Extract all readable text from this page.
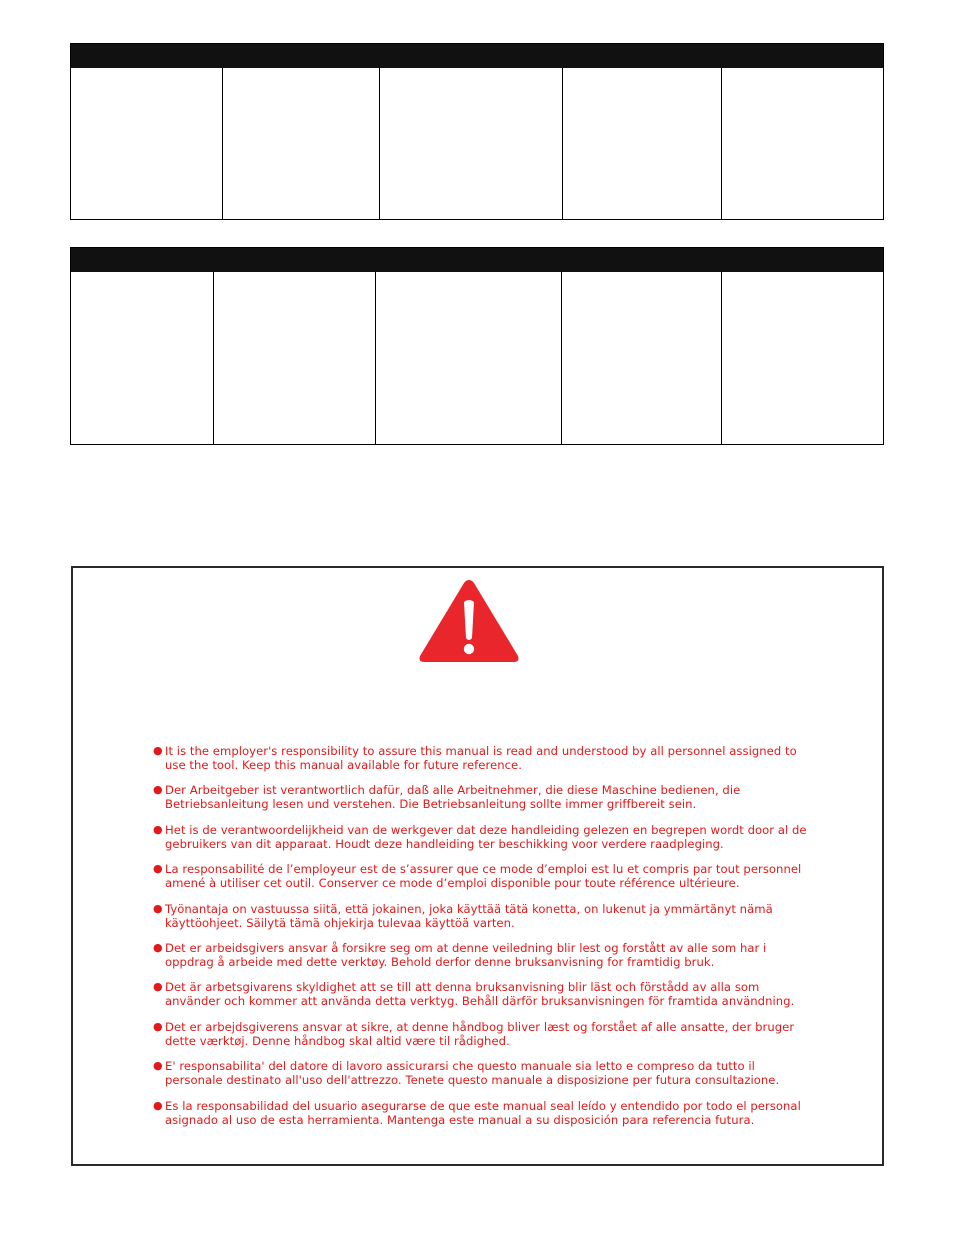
● It is the employer's responsibility to assure this manual is read and understood by all personnel assigned to use the tool. Keep this manual available for future reference.
● Der Arbeitgeber ist verantwortlich dafür, daß alle Arbeitnehmer, die diese Maschine bedienen, die Betriebsanleitung lesen und verstehen. Die Betriebsanleitung sollte immer griffbereit sein.
● Het is de verantwoordelijkheid van de werkgever dat deze handleiding gelezen en begrepen wordt door al de gebruikers van dit apparaat. Houdt deze handleiding ter beschikking voor verdere raadpleging.
● La responsabilité de l’employeur est de s’assurer que ce mode d’emploi est lu et compris par tout personnel amené à utiliser cet outil. Conserver ce mode d’emploi disponible pour toute référence ultérieure.
● Työnantaja on vastuussa siitä, että jokainen, joka käyttää tätä konetta, on lukenut ja ymmärtänyt nämä käyttöohjeet. Säilytä tämä ohjekirja tulevaa käyttöä varten.
● Det er arbeidsgivers ansvar å forsikre seg om at denne veiledning blir lest og forstått av alle som har i oppdrag å arbeide med dette verktøy. Behold derfor denne bruksanvisning for framtidig bruk.
● Det är arbetsgivarens skyldighet att se till att denna bruksanvisning blir läst och förstådd av alla som använder och kommer att använda detta verktyg. Behåll därför bruksanvisningen för framtida användning.
● Det er arbejdsgiverens ansvar at sikre, at denne håndbog bliver læst og forstået af alle ansatte, der bruger dette værktøj. Denne håndbog skal altid være til rådighed.
● E' responsabilita' del datore di lavoro assicurarsi che questo manuale sia letto e compreso da tutto il personale destinato all'uso dell'attrezzo. Tenete questo manuale a disposizione per futura consultazione.
● Es la responsabilidad del usuario asegurarse de que este manual seal leído y entendido por todo el personal asignado al uso de esta herramienta. Mantenga este manual a su disposición para referencia futura.
